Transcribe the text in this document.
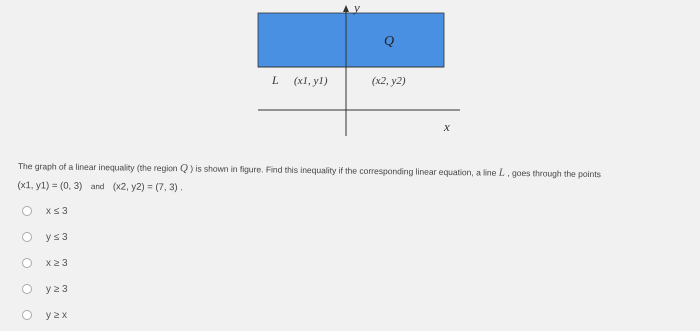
y
x
Q
L (x1, y1)	(x2, y2)
The graph of a linear inequality (the region Q ) is shown in figure. Find this inequality if the corresponding linear equation, a line L , goes through the points
(x1, y1) = (0, 3) and (x2, y2) = (7, 3) .
x ≤ 3
y ≤ 3
x ≥ 3
y ≥ 3
y ≥ x
